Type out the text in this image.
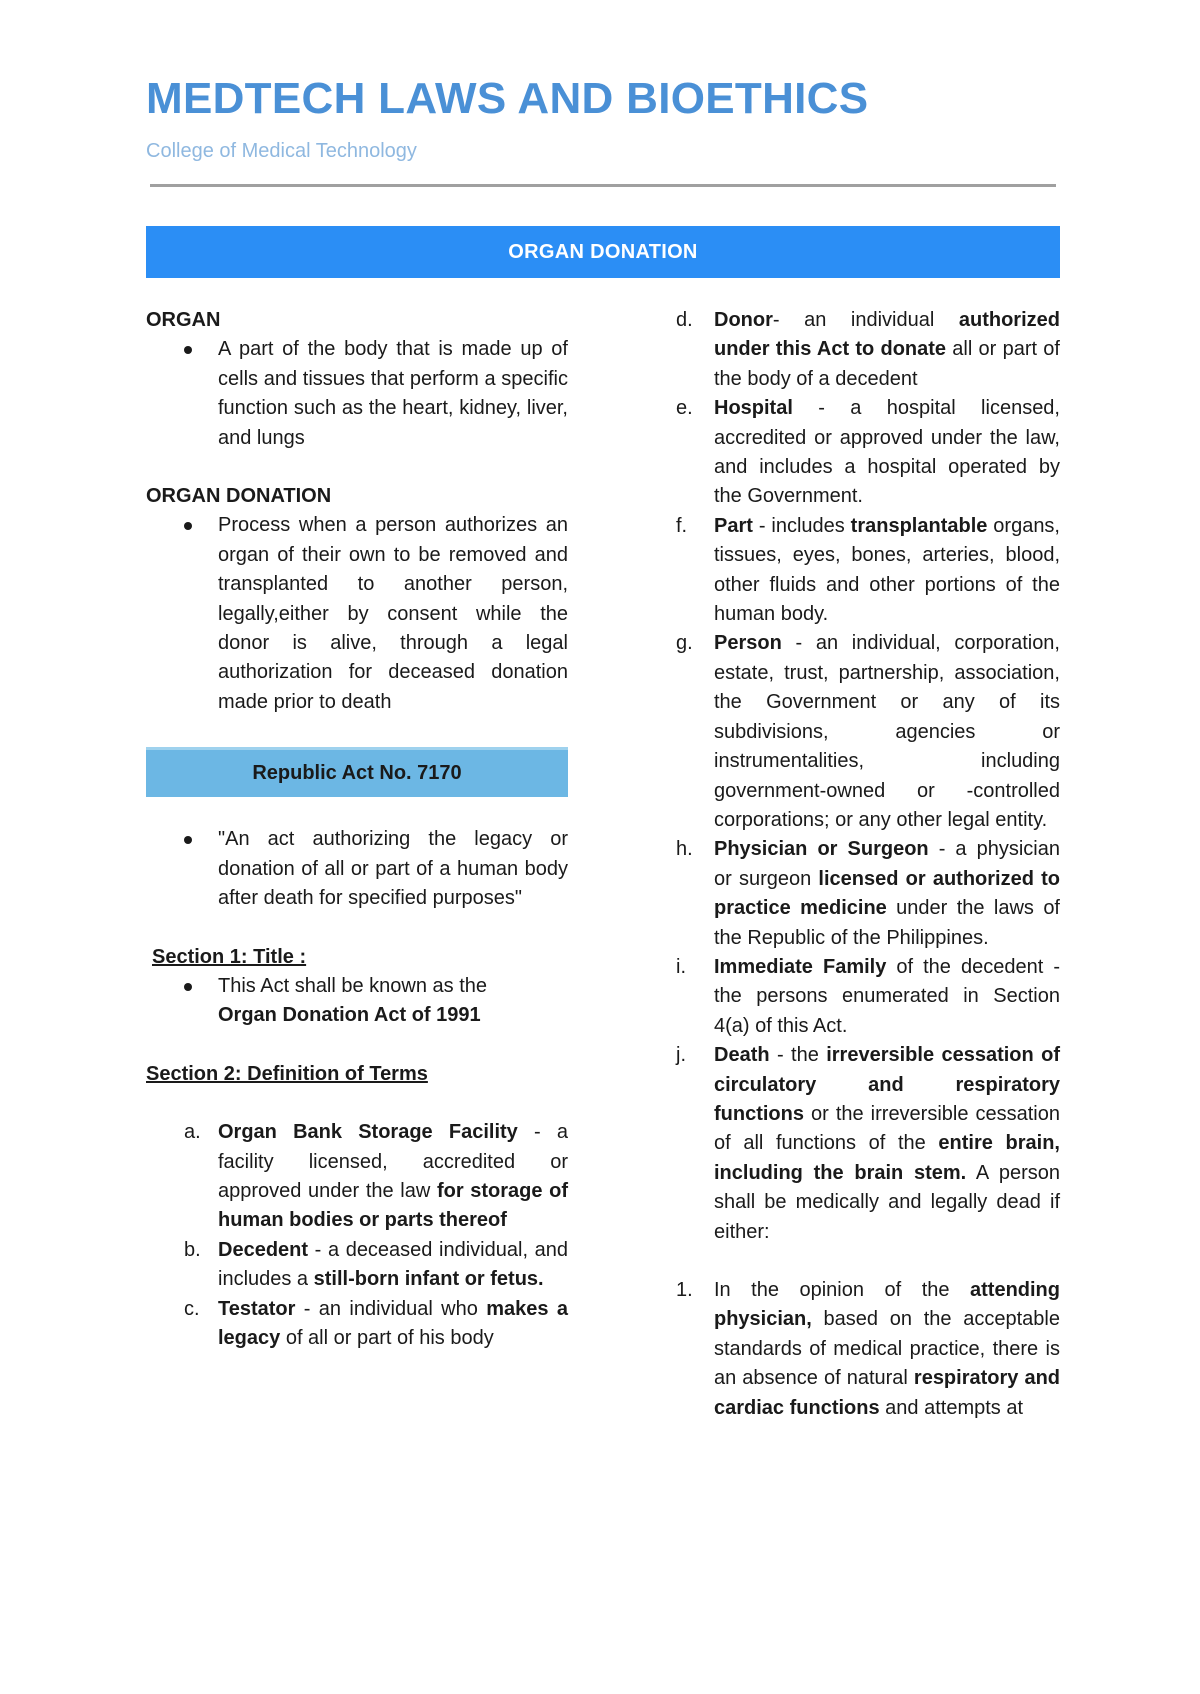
MEDTECH LAWS AND BIOETHICS
College of Medical Technology
ORGAN DONATION
ORGAN
A part of the body that is made up of cells and tissues that perform a specific function such as the heart, kidney, liver, and lungs
ORGAN DONATION
Process when a person authorizes an organ of their own to be removed and transplanted to another person, legally,either by consent while the donor is alive, through a legal authorization for deceased donation made prior to death
Republic Act No. 7170
"An act authorizing the legacy or donation of all or part of a human body after death for specified purposes"
Section 1: Title :
This Act shall be known as the
Organ Donation Act of 1991
Section 2: Definition of Terms
a. Organ Bank Storage Facility - a facility licensed, accredited or approved under the law for storage of human bodies or parts thereof
b. Decedent - a deceased individual, and includes a still-born infant or fetus.
c. Testator - an individual who makes a legacy of all or part of his body
d. Donor- an individual authorized under this Act to donate all or part of the body of a decedent
e. Hospital - a hospital licensed, accredited or approved under the law, and includes a hospital operated by the Government.
f. Part - includes transplantable organs, tissues, eyes, bones, arteries, blood, other fluids and other portions of the human body.
g. Person - an individual, corporation, estate, trust, partnership, association, the Government or any of its subdivisions, agencies or instrumentalities, including government-owned or -controlled corporations; or any other legal entity.
h. Physician or Surgeon - a physician or surgeon licensed or authorized to practice medicine under the laws of the Republic of the Philippines.
i. Immediate Family of the decedent - the persons enumerated in Section 4(a) of this Act.
j. Death - the irreversible cessation of circulatory and respiratory functions or the irreversible cessation of all functions of the entire brain, including the brain stem. A person shall be medically and legally dead if either:
1. In the opinion of the attending physician, based on the acceptable standards of medical practice, there is an absence of natural respiratory and cardiac functions and attempts at
